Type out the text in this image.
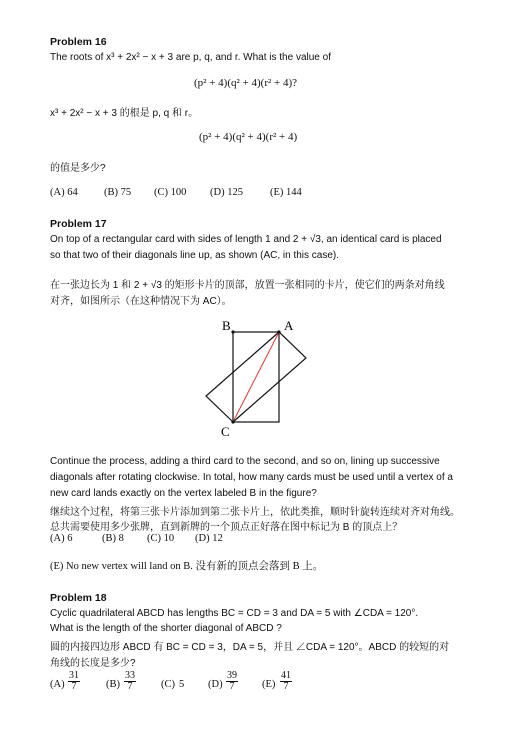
Problem 16
The roots of x³ + 2x² − x + 3 are p, q, and r. What is the value of
(p² + 4)(q² + 4)(r² + 4)?
x³ + 2x² − x + 3 的根是 p, q 和 r。
(p² + 4)(q² + 4)(r² + 4)
的值是多少?
(A) 64	(B) 75 (C) 100 (D) 125	(E) 144
Problem 17
On top of a rectangular card with sides of length 1 and 2 + √3, an identical card is placed
so that two of their diagonals line up, as shown (AC, in this case).
在一张边长为 1 和 2 + √3 的矩形卡片的顶部，放置一张相同的卡片，使它们的两条对角线
对齐，如图所示（在这种情况下为 AC）。
B	A
C
Continue the process, adding a third card to the second, and so on, lining up successive
diagonals after rotating clockwise. In total, how many cards must be used until a vertex of a
new card lands exactly on the vertex labeled B in the figure?
继续这个过程，将第三张卡片添加到第二张卡片上，依此类推，顺时针旋转连续对齐对角线。
总共需要使用多少张牌，直到新牌的一个顶点正好落在图中标记为 B 的顶点上？
(A) 6	(B) 8 (C) 10 (D) 12
(E) No new vertex will land on B. 没有新的顶点会落到 B 上。
Problem 18
Cyclic quadrilateral ABCD has lengths BC = CD = 3 and DA = 5 with ∠CDA = 120°.
What is the length of the shorter diagonal of ABCD ?
圆的内接四边形 ABCD 有 BC = CD = 3，DA = 5，并且 ∠CDA = 120°。ABCD 的较短的对
角线的长度是多少?
$(A) \frac{31}{7} (B) \frac{33}{7} (C)$ 5 $(D) \frac{39}{7} (E) \frac{41}{7}$
